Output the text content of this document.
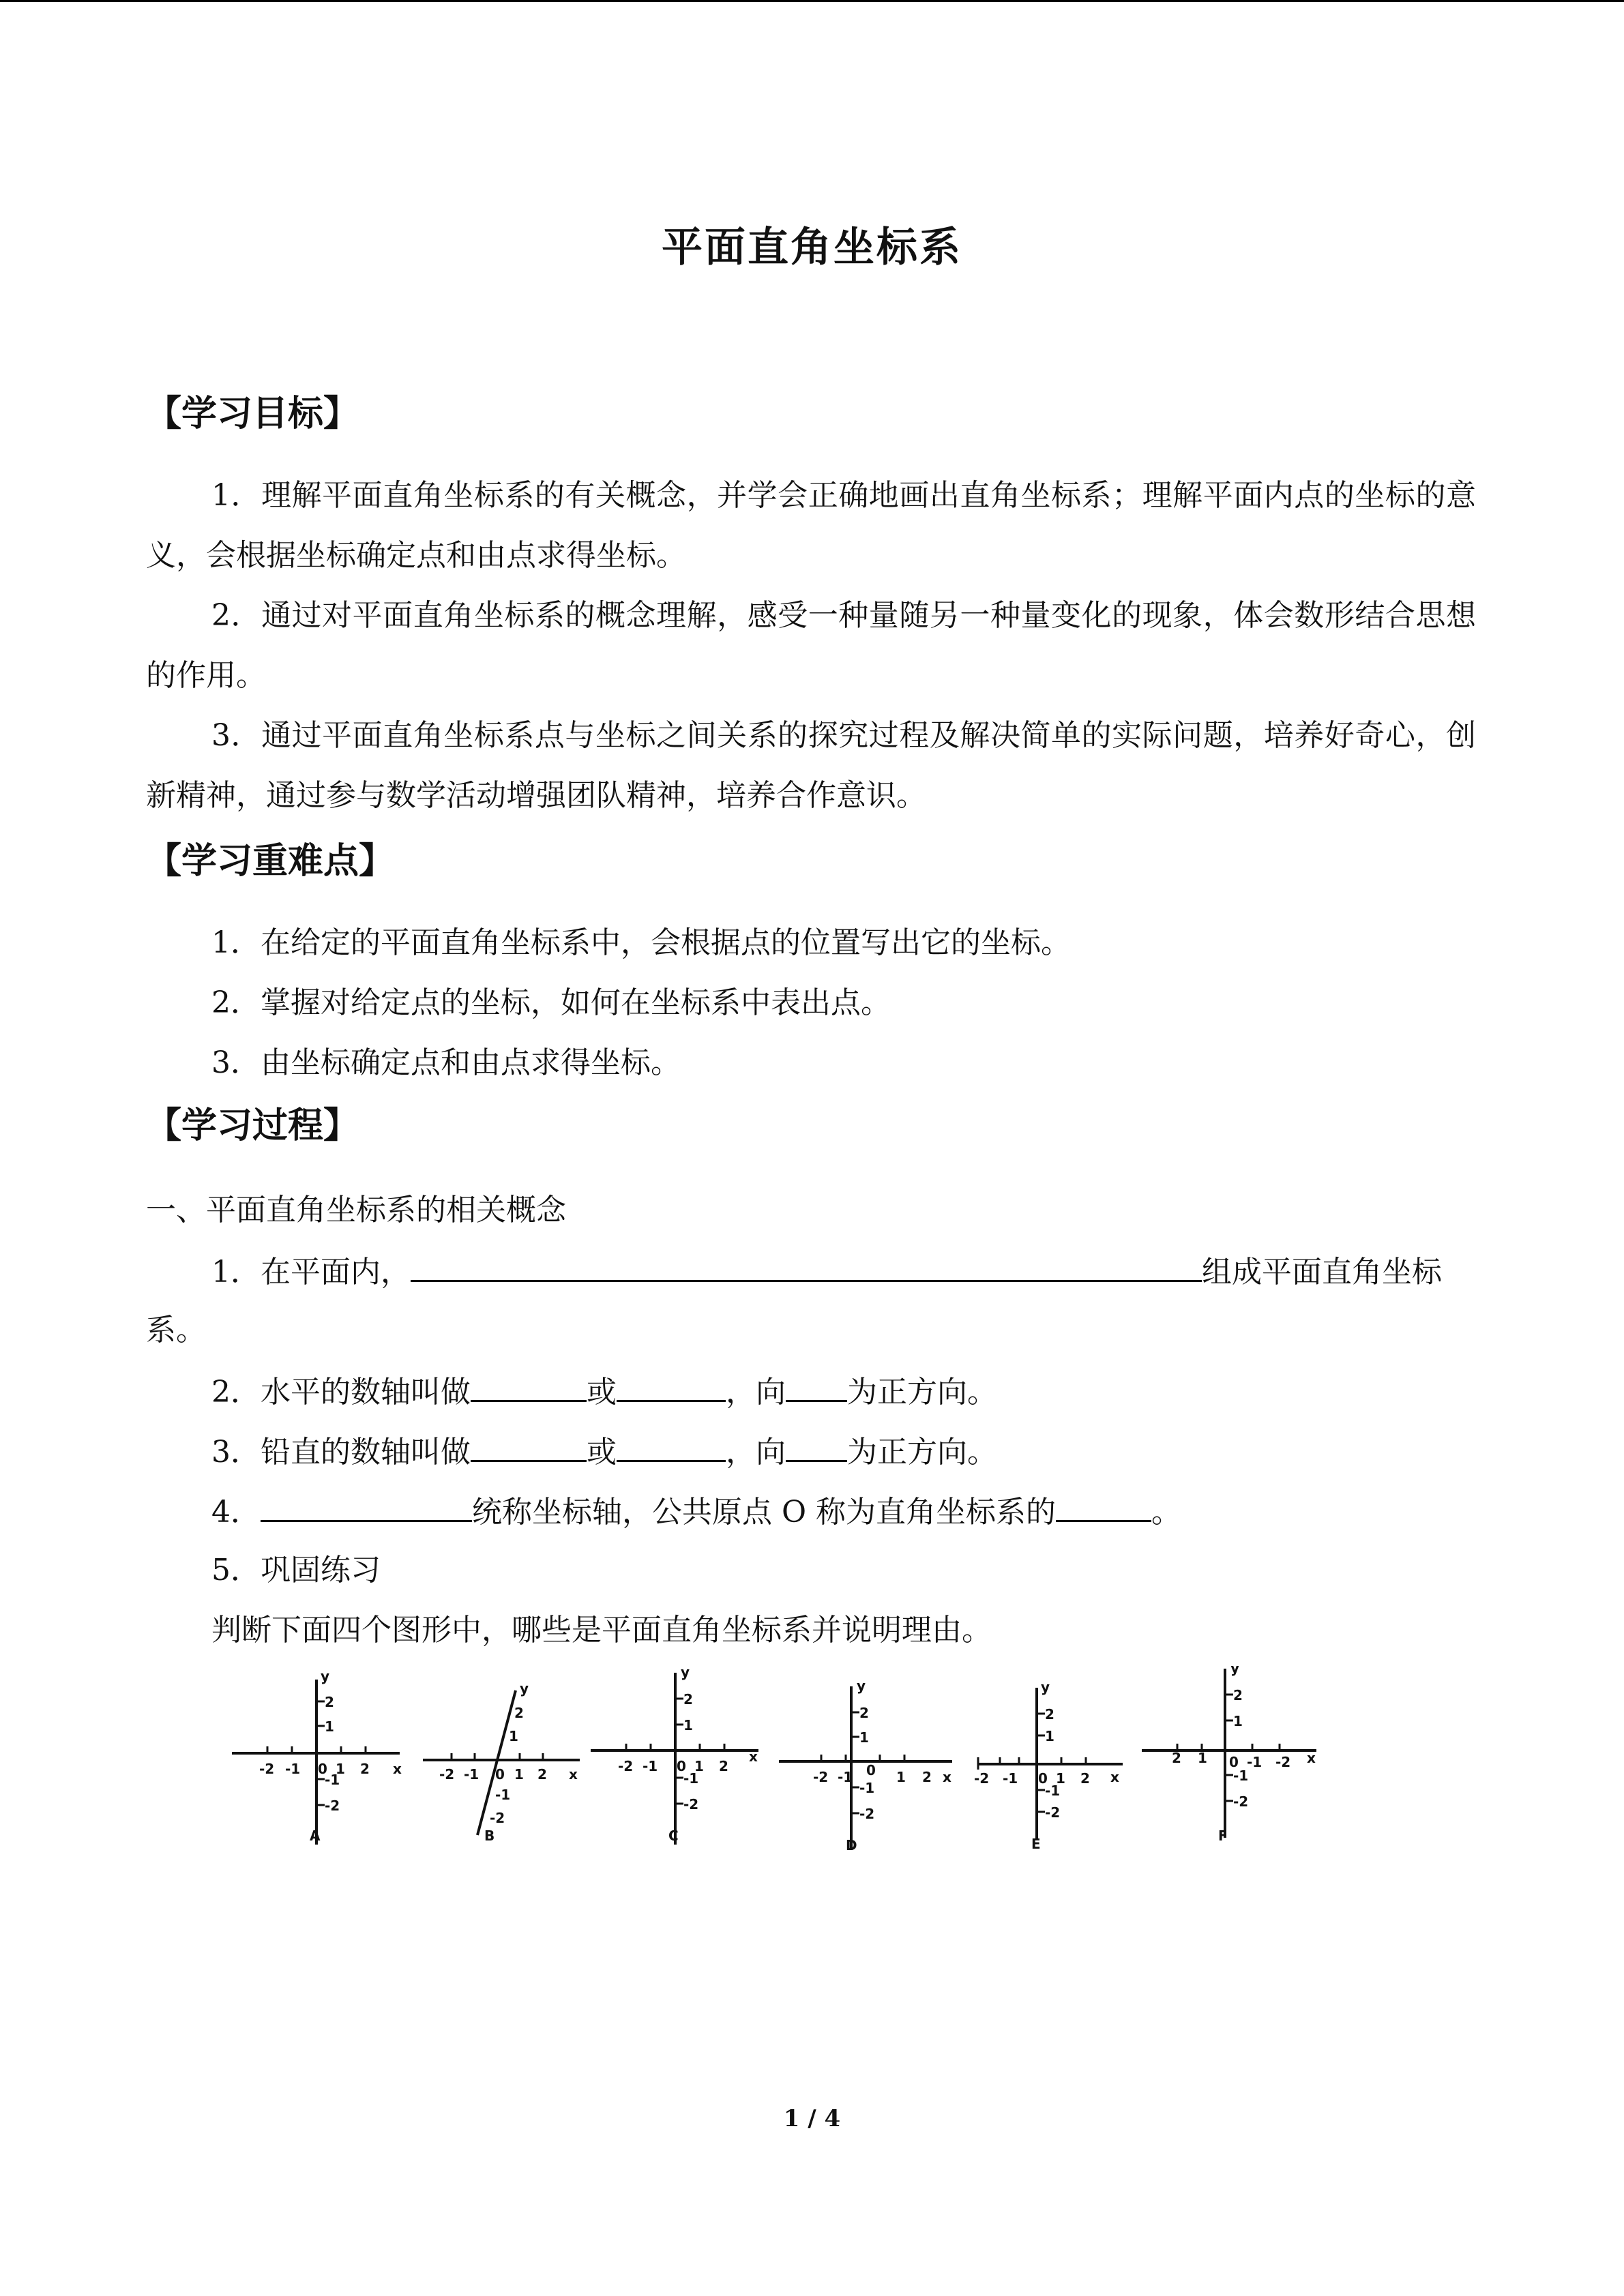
平面直角坐标系
【学习目标】
1．理解平面直角坐标系的有关概念，并学会正确地画出直角坐标系；理解平面内点的坐标的意义，会根据坐标确定点和由点求得坐标。
2．通过对平面直角坐标系的概念理解，感受一种量随另一种量变化的现象，体会数形结合思想的作用。
3．通过平面直角坐标系点与坐标之间关系的探究过程及解决简单的实际问题，培养好奇心，创新精神，通过参与数学活动增强团队精神，培养合作意识。
【学习重难点】
1．在给定的平面直角坐标系中，会根据点的位置写出它的坐标。
2．掌握对给定点的坐标，如何在坐标系中表出点。
3．由坐标确定点和由点求得坐标。
【学习过程】
一、平面直角坐标系的相关概念
1．在平面内，	组成平面直角坐标
系。
2．水平的数轴叫做	或	，向 为正方向。
3．铅直的数轴叫做	或	，向 为正方向。
4．	统称坐标轴，公共原点 O 称为直角坐标系的	。
5．巩固练习
判断下面四个图形中，哪些是平面直角坐标系并说明理由。
-2 -1 0 1 2 x
y
2
1
-1
-2
A
-2 -1 0 1 2 x
y
2
1
-1
-2
B
-2 -1 0 1 2
x
y
2
1
-1
-2
C
-2 -1 0 1 2 x
y
2
1
-1
-2
D
-2 -1 0 1 2 x
y
2
1
-1
-2
E
2 1 0 -1 -2 x
y
2
1
-1
-2
F
1 / 4
